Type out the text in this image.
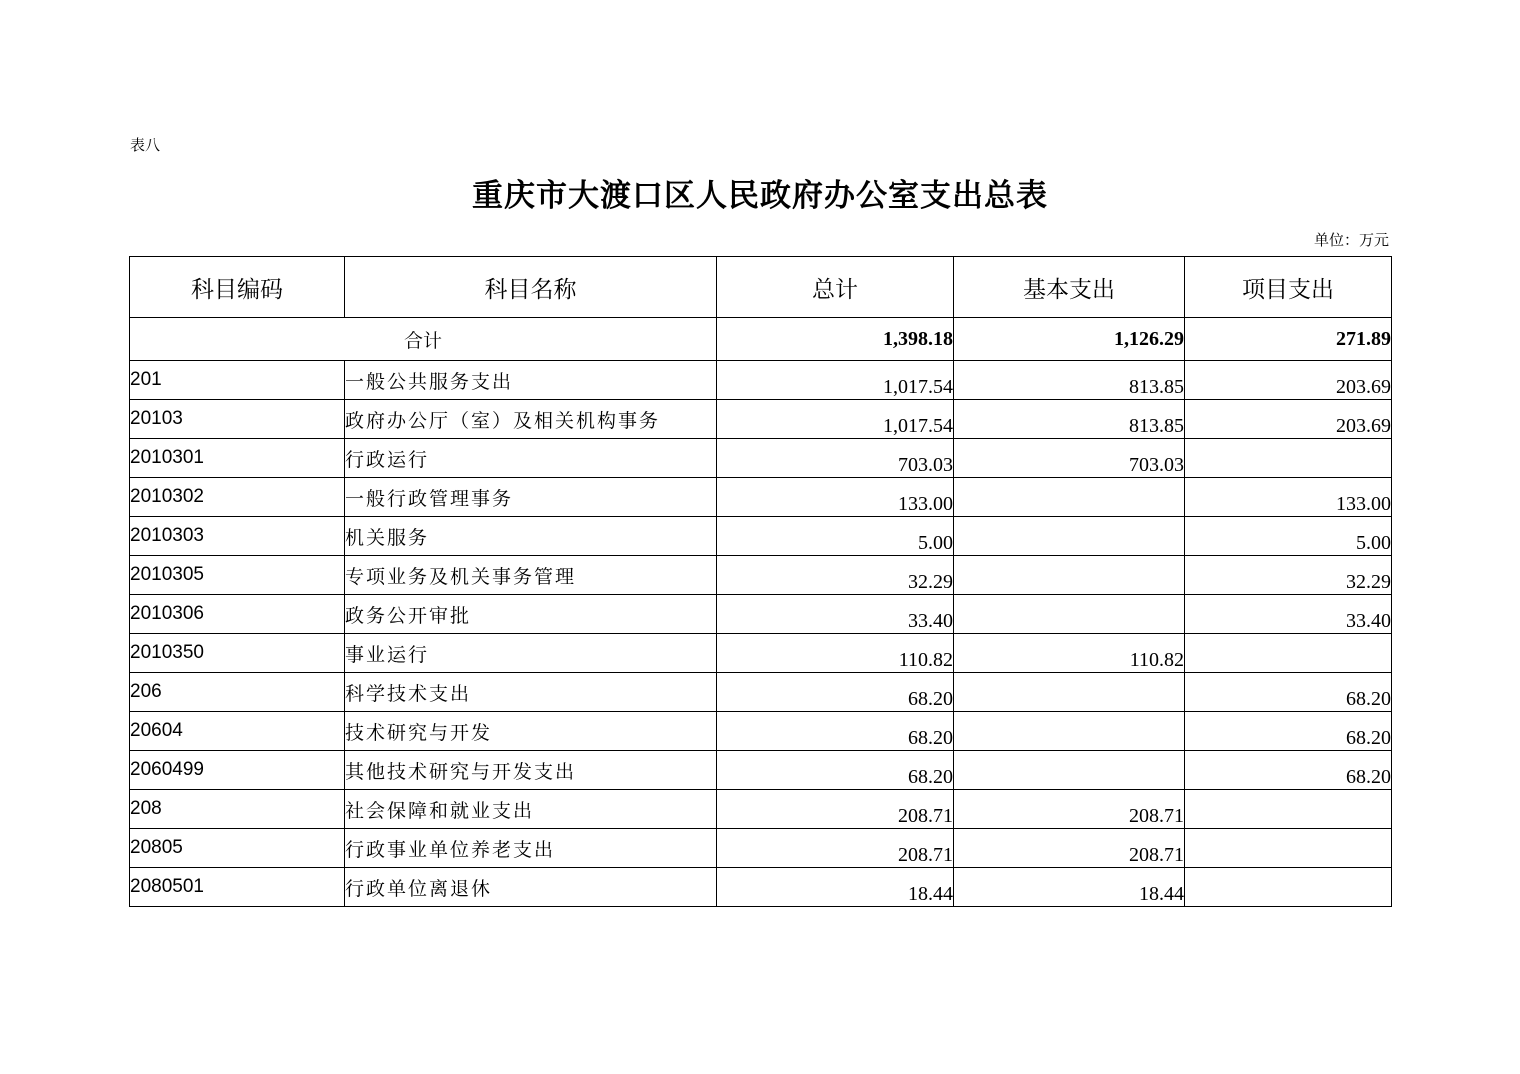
表八
重庆市大渡口区人民政府办公室支出总表
单位：万元
科目编码	科目名称	总计	基本支出	项目支出
合计		1,398.18	1,126.29	271.89
201	一般公共服务支出	1,017.54	813.85	203.69
20103	政府办公厅（室）及相关机构事务	1,017.54	813.85	203.69
2010301	行政运行	703.03	703.03	
2010302	一般行政管理事务	133.00		133.00
2010303	机关服务	5.00		5.00
2010305	专项业务及机关事务管理	32.29		32.29
2010306	政务公开审批	33.40		33.40
2010350	事业运行	110.82	110.82	
206	科学技术支出	68.20		68.20
20604	技术研究与开发	68.20		68.20
2060499	其他技术研究与开发支出	68.20		68.20
208	社会保障和就业支出	208.71	208.71	
20805	行政事业单位养老支出	208.71	208.71	
2080501	行政单位离退休	18.44	18.44	
